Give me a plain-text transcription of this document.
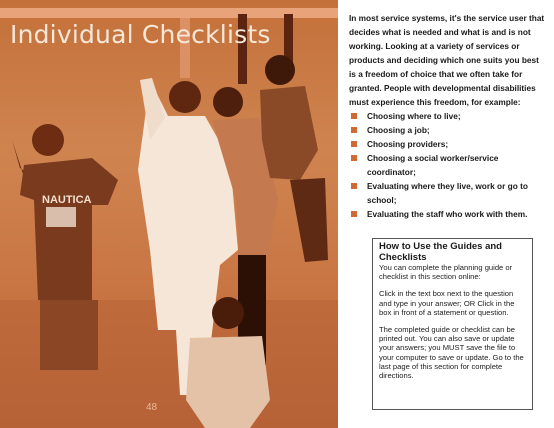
NAUTICA
Individual Checklists
48

In most service systems, it's the service user that decides what is needed and what is and is not working. Looking at a variety of services or products and deciding which one suits you best is a freedom of choice that we often take for granted. People with developmental disabilities must experience this freedom, for example:

Choosing where to live;
Choosing a job;
Choosing providers;
Choosing a social worker/service coordinator;
Evaluating where they live, work or go to school;
Evaluating the staff who work with them.
How to Use the Guides and Checklists

You can complete the planning guide or checklist in this section online:

Click in the text box next to the question and type in your answer; OR Click in the box in front of a statement or question.

The completed guide or checklist can be printed out. You can also save or update your answers; you MUST save the file to your computer to save or update. Go to the last page of this section for complete directions.
